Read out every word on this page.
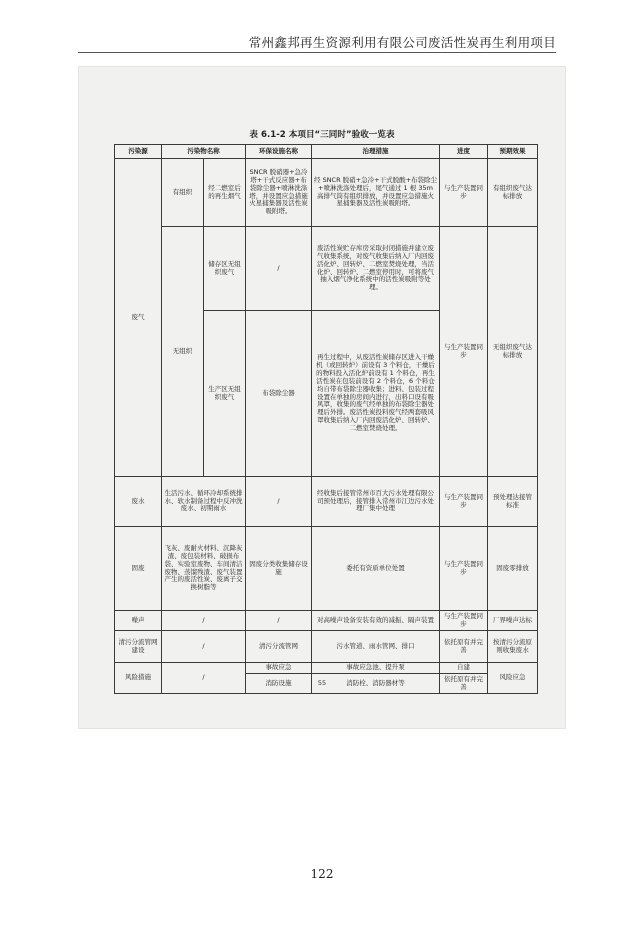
常州鑫邦再生资源利用有限公司废活性炭再生利用项目
表 6.1-2 本项目“三同时”验收一览表
污染源	污染物名称		环保设施名称	治理措施	进度	预期效果
废气	有组织	经二燃室后的再生烟气	SNCR 脱硝器+急冷塔+干式反应器+布袋除尘器+喷淋洗涤塔，并设置应急措施火星捕集器及活性炭吸附塔。	经 SNCR 脱硝+急冷+干式脱酸+布袋除尘+喷淋洗涤处理后，尾气通过 1 根 35m 高排气筒有组织排放，并设置应急措施火星捕集器及活性炭吸附塔。	与生产装置同步	有组织废气达标排放
	无组织	储存区无组织废气	/	废活性炭贮存库房采取封闭措施并建立废气收集系统，对废气收集后纳入厂内回废活化炉、回转炉、二燃室焚烧处理，当活化炉、回转炉、二燃室停用时，可将废气抽入烟气净化系统中的活性炭吸附等处理。	与生产装置同步	无组织废气达标排放
		生产区无组织废气	布袋除尘器	再生过程中，从废活性炭储存区进入干燥机（或回转炉）前设有 3 个料仓，干燥后的物料投入活化炉前设有 1 个料仓，再生活性炭在包装前设有 2 个料仓，6 个料仓均自带布袋除尘器收集；进料、包装过程设置在单独的房间内进行，出料口设有吸风罩，收集的废气经单独的布袋除尘器处理后外排。废活性炭投料废气经两套吸风罩收集后纳入厂内回废活化炉、回转炉、二燃室焚烧处理。		
废水	生活污水、循环冷却系统排水、软水制备过程中反冲洗废水、初期雨水		/	经收集后接管常州市百大污水处理有限公司预处理后，接管排入常州市江边污水处理厂集中处理	与生产装置同步	预处理达接管标准
固废	飞灰、废耐火材料、沉降灰渣、废包装材料、破损布袋、实验室废物、车间清洁废物、蒸馏残渣、废气装置产生的废活性炭、废离子交换树脂等		固废分类收集储存设施	委托有资质单位处置	与生产装置同步	固废零排放
噪声	/		/	对高噪声设备安装有效的减振、隔声装置	与生产装置同步	厂界噪声达标
清污分流管网建设	/		清污分流管网	污水管道、雨水管网、排口	依托原有并完善	按清污分流原则收集废水
风险措施	/		事故应急	事故应急池、提升泵	自建	风险应急
			消防设施	消防栓、消防器材等	依托原有并完善	
55
122
